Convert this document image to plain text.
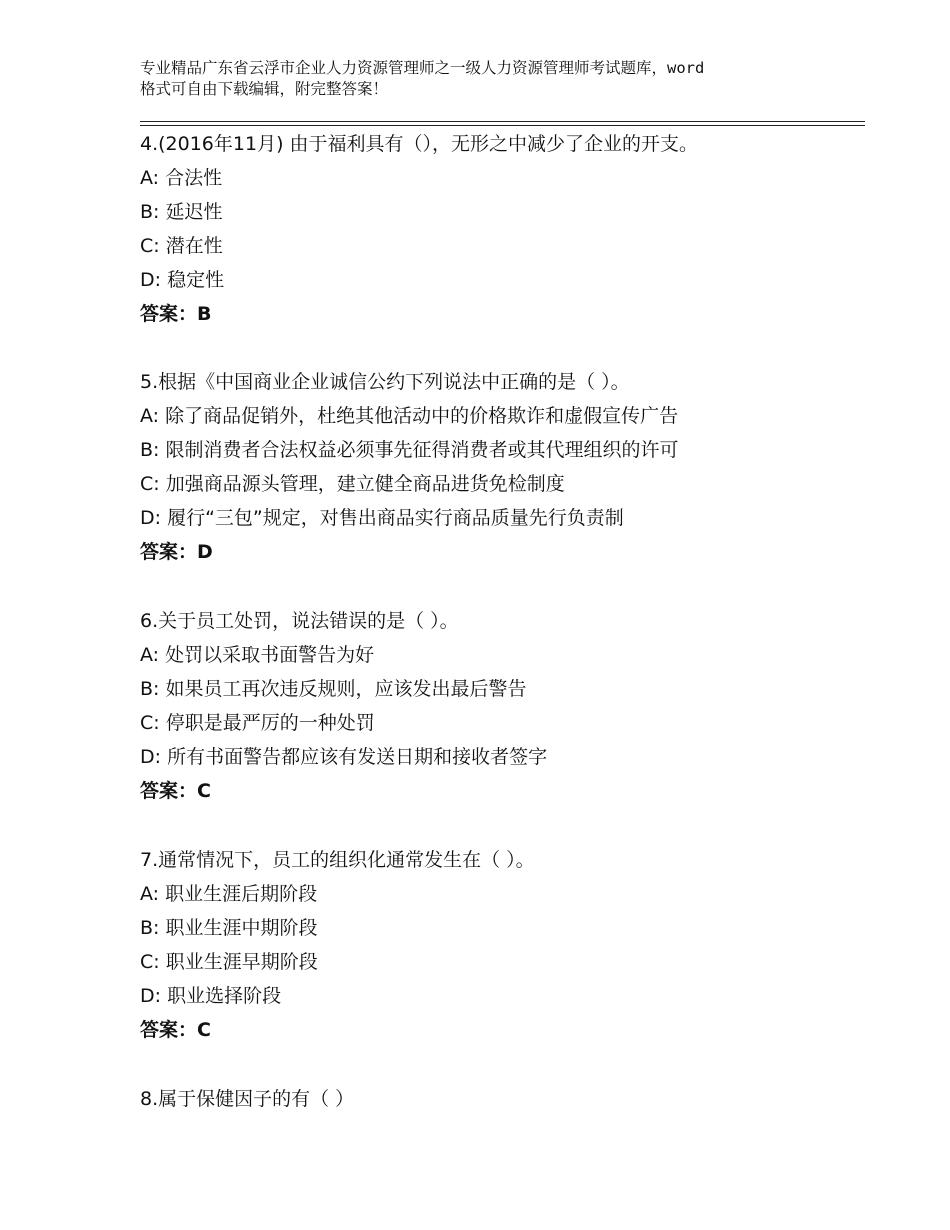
专业精品广东省云浮市企业人力资源管理师之一级人力资源管理师考试题库，word
格式可自由下载编辑，附完整答案！
4.(2016年11月) 由于福利具有（），无形之中减少了企业的开支。
A: 合法性
B: 延迟性
C: 潜在性
D: 稳定性
答案：B
5.根据《中国商业企业诚信公约下列说法中正确的是（ ）。
A: 除了商品促销外，杜绝其他活动中的价格欺诈和虚假宣传广告
B: 限制消费者合法权益必须事先征得消费者或其代理组织的许可
C: 加强商品源头管理，建立健全商品进货免检制度
D: 履行“三包”规定，对售出商品实行商品质量先行负责制
答案：D
6.关于员工处罚，说法错误的是（ ）。
A: 处罚以采取书面警告为好
B: 如果员工再次违反规则，应该发出最后警告
C: 停职是最严厉的一种处罚
D: 所有书面警告都应该有发送日期和接收者签字
答案：C
7.通常情况下，员工的组织化通常发生在（ ）。
A: 职业生涯后期阶段
B: 职业生涯中期阶段
C: 职业生涯早期阶段
D: 职业选择阶段
答案：C
8.属于保健因子的有（ ）
